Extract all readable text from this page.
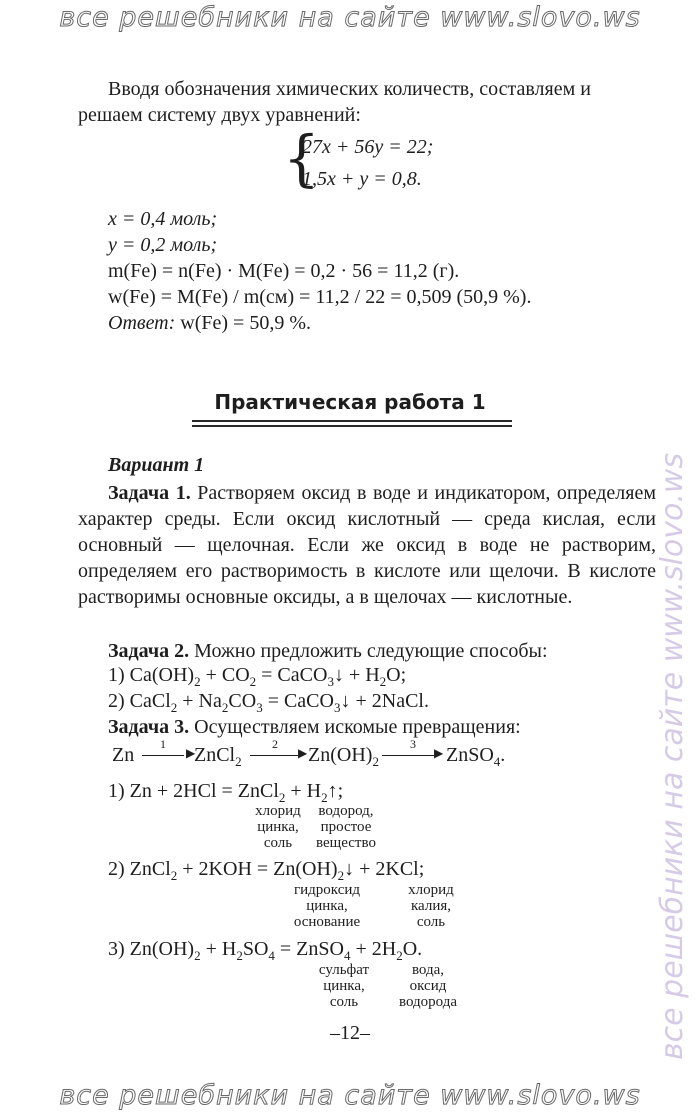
все решебники на сайте www.slovo.ws
все решебники на сайте www.slovo.ws
Вводя обозначения химических количеств, составляем и
решаем систему двух уравнений:
{
27x + 56y = 22;
1,5x + y = 0,8.
x = 0,4 моль;
y = 0,2 моль;
m(Fe) = n(Fe) · M(Fe) = 0,2 · 56 = 11,2 (г).
w(Fe) = M(Fe) / m(см) = 11,2 / 22 = 0,509 (50,9 %).
Ответ: w(Fe) = 50,9 %.
Практическая работа 1
Вариант 1
Задача 1. Растворяем оксид в воде и индикатором, определяем характер среды. Если оксид кислотный — среда кислая, если основный — щелочная. Если же оксид в воде не растворим, определяем его растворимость в кислоте или щелочи. В кислоте растворимы основные оксиды, а в щелочах — кислотные.
Задача 2. Можно предложить следующие способы:
1) $Ca(OH)_2 + CO_2$ = CaCO$_3$↓ + $H_2O$;
2) CaCl$_2$ + $Na_2CO_3$ = CaCO$_3$↓ + 2NaCl.
Задача 3. Осуществляем искомые превращения:
Zn	▶
1 ZnCl$_2$
▶
2 $Zn(OH)_2$
▶
3 ZnSO$_4$.
1) Zn + 2HCl = ZnCl$_2$ + $H_2↑$;
хлорид
цинка,
соль
водород,
простое
вещество
2) ZnCl$_2$ + $2KOH = Zn(OH)_2↓ + 2KCl$;
гидроксид
цинка,
основание
хлорид
калия,
соль
3) $Zn(OH)_2 + H_2SO_4$ = ZnSO$_4$ + $2H_2O$.
сульфат
цинка,
соль
вода,
оксид
водорода
–12–
все решебники на сайте www.slovo.ws
